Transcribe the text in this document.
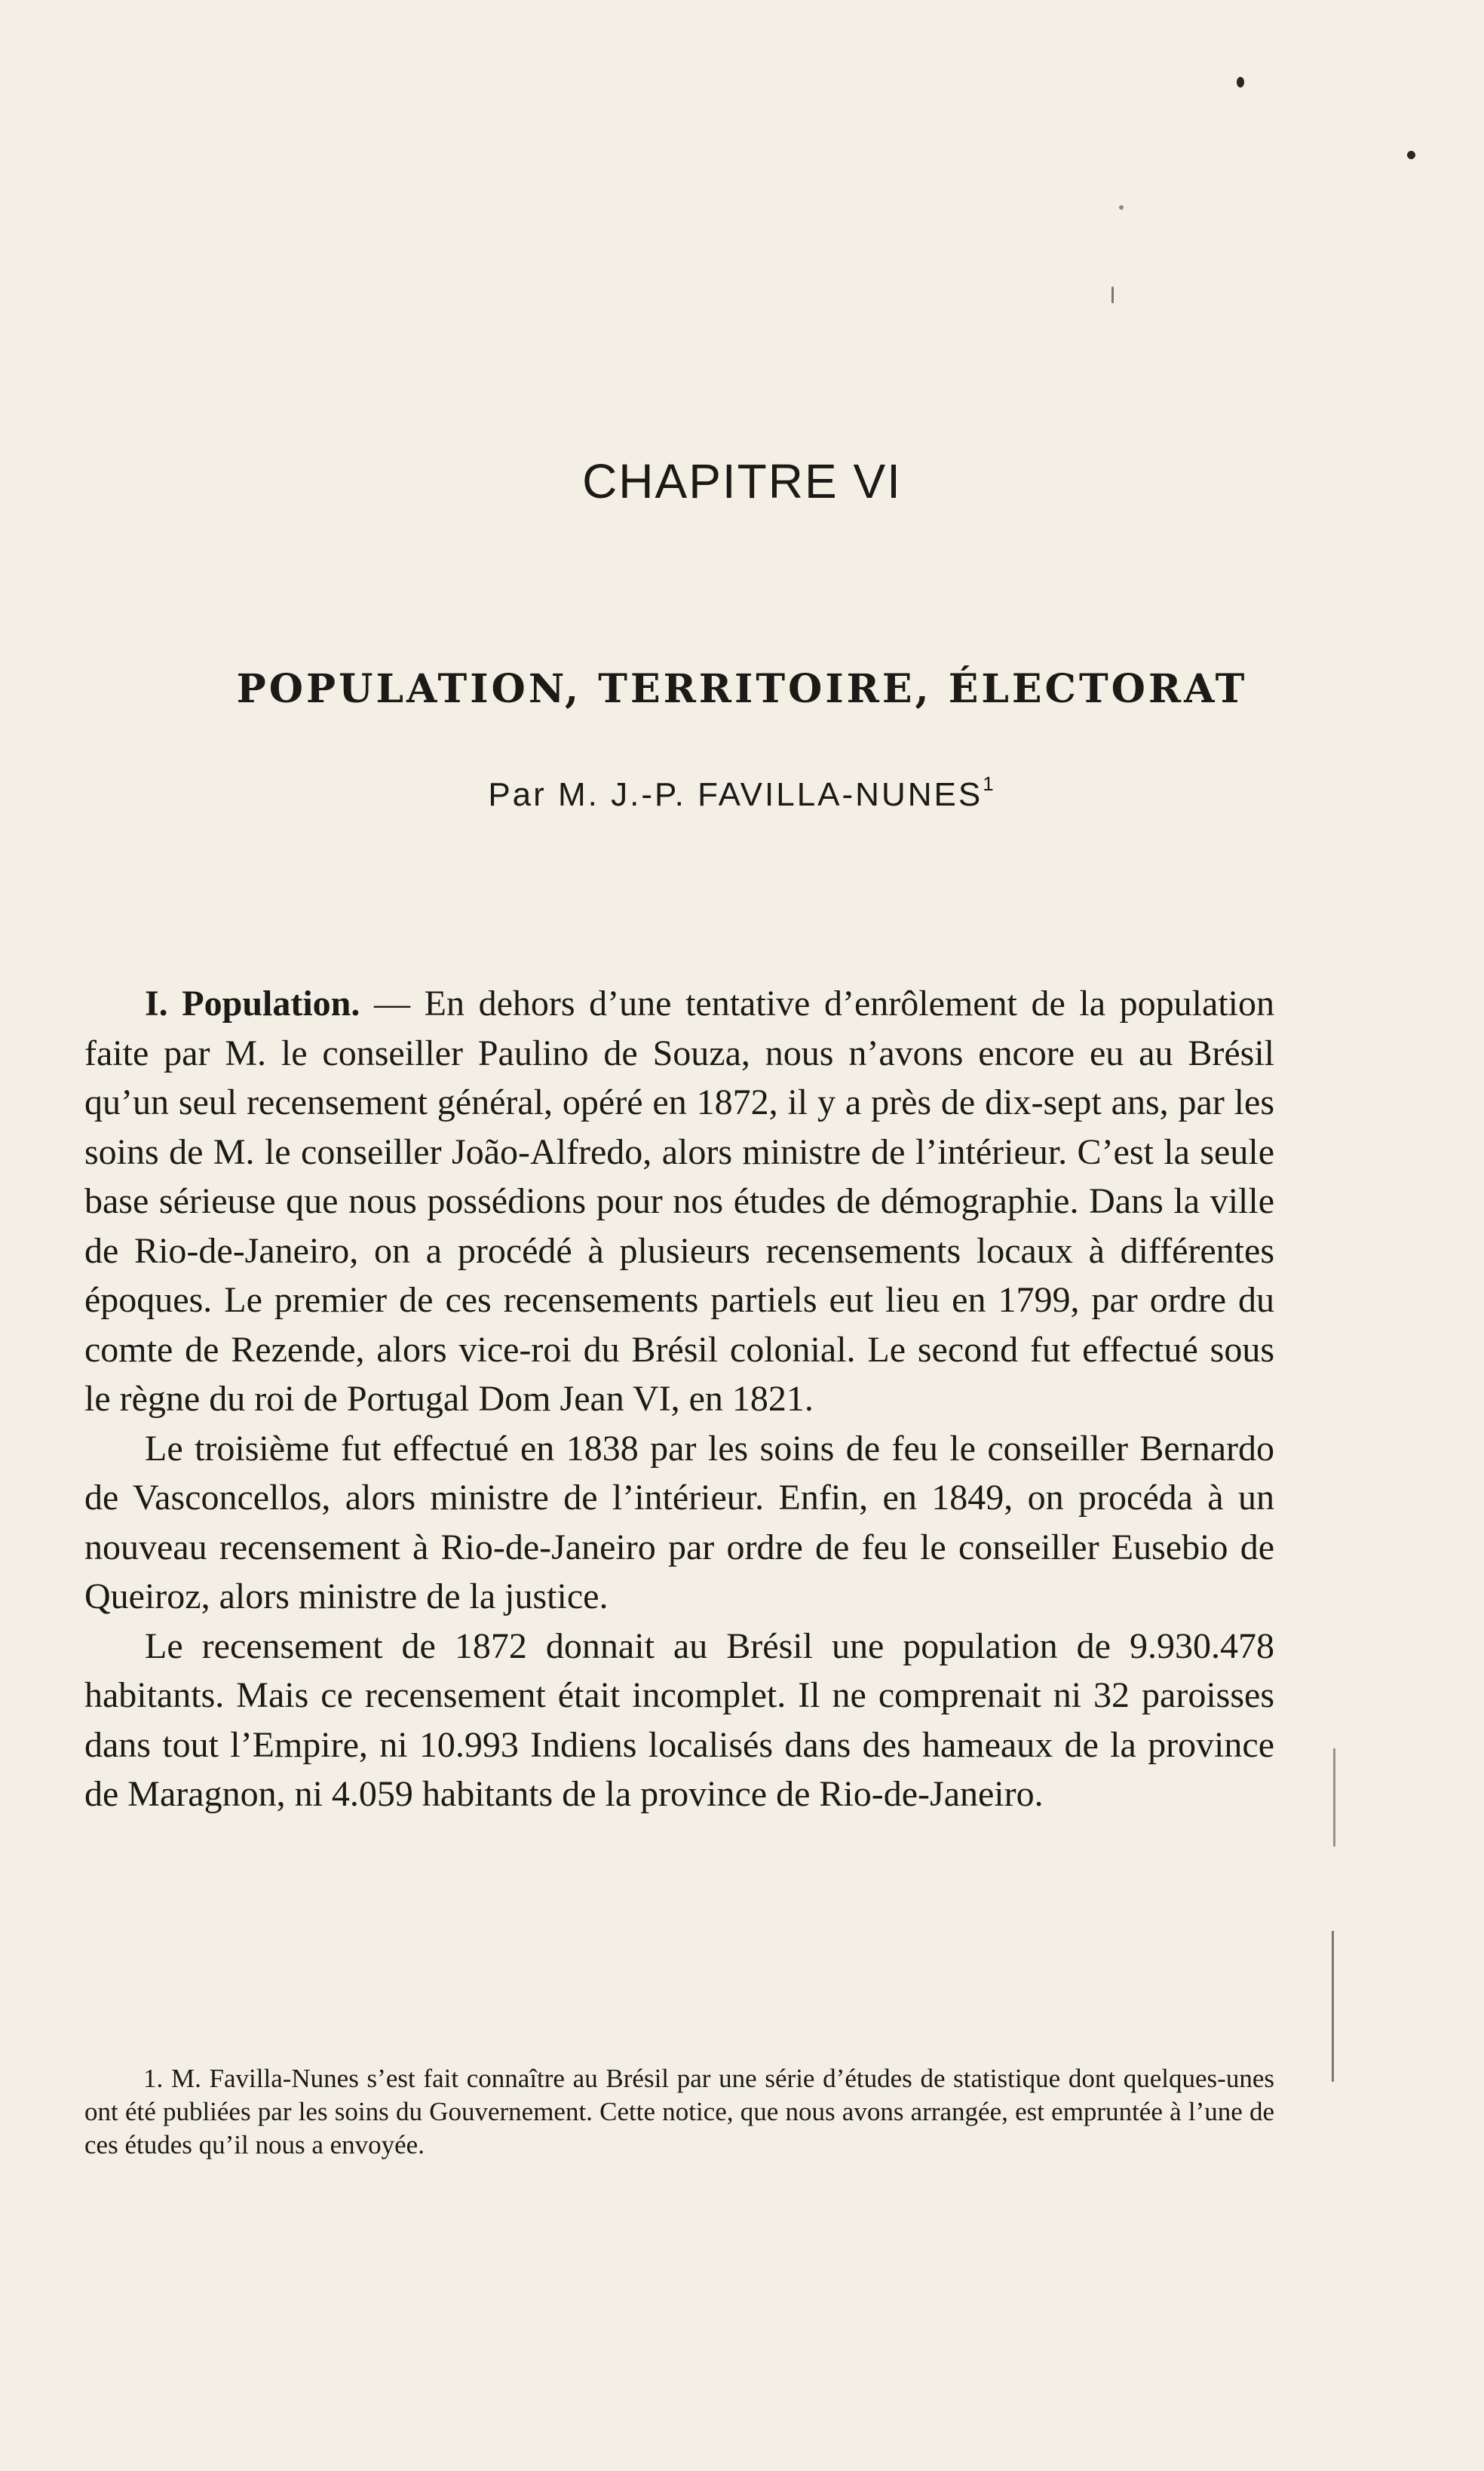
CHAPITRE VI
POPULATION, TERRITOIRE, ÉLECTORAT
Par M. J.-P. FAVILLA-NUNES$^1$

I. Population. — En dehors d’une tentative d’enrôlement de la population faite par M. le conseiller Paulino de Souza, nous n’avons encore eu au Brésil qu’un seul recensement général, opéré en 1872, il y a près de dix-sept ans, par les soins de M. le conseiller João-Alfredo, alors ministre de l’intérieur. C’est la seule base sérieuse que nous possédions pour nos études de démographie. Dans la ville de Rio-de-Janeiro, on a procédé à plusieurs recensements locaux à différentes époques. Le premier de ces recensements partiels eut lieu en 1799, par ordre du comte de Rezende, alors vice-roi du Brésil colonial. Le second fut effectué sous le règne du roi de Portugal Dom Jean VI, en 1821.

Le troisième fut effectué en 1838 par les soins de feu le conseiller Bernardo de Vasconcellos, alors ministre de l’intérieur. Enfin, en 1849, on procéda à un nouveau recensement à Rio-de-Janeiro par ordre de feu le conseiller Eusebio de Queiroz, alors ministre de la justice.

Le recensement de 1872 donnait au Brésil une population de 9.930.478 habitants. Mais ce recensement était incomplet. Il ne comprenait ni 32 paroisses dans tout l’Empire, ni 10.993 Indiens localisés dans des hameaux de la province de Maragnon, ni 4.059 habitants de la province de Rio-de-Janeiro.

1. M. Favilla-Nunes s’est fait connaître au Brésil par une série d’études de statistique dont quelques-unes ont été publiées par les soins du Gouvernement. Cette notice, que nous avons arrangée, est empruntée à l’une de ces études qu’il nous a envoyée.
